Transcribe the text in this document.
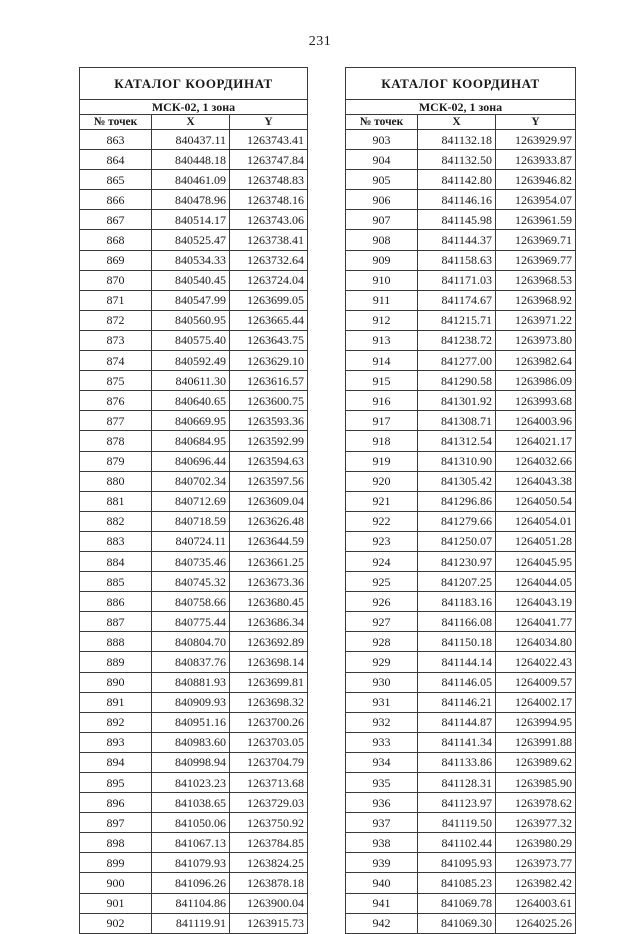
231
КАТАЛОГ КООРДИНАТ		
МСК-02, 1 зона		
№ точек	X	Y
863	840437.11	1263743.41
864	840448.18	1263747.84
865	840461.09	1263748.83
866	840478.96	1263748.16
867	840514.17	1263743.06
868	840525.47	1263738.41
869	840534.33	1263732.64
870	840540.45	1263724.04
871	840547.99	1263699.05
872	840560.95	1263665.44
873	840575.40	1263643.75
874	840592.49	1263629.10
875	840611.30	1263616.57
876	840640.65	1263600.75
877	840669.95	1263593.36
878	840684.95	1263592.99
879	840696.44	1263594.63
880	840702.34	1263597.56
881	840712.69	1263609.04
882	840718.59	1263626.48
883	840724.11	1263644.59
884	840735.46	1263661.25
885	840745.32	1263673.36
886	840758.66	1263680.45
887	840775.44	1263686.34
888	840804.70	1263692.89
889	840837.76	1263698.14
890	840881.93	1263699.81
891	840909.93	1263698.32
892	840951.16	1263700.26
893	840983.60	1263703.05
894	840998.94	1263704.79
895	841023.23	1263713.68
896	841038.65	1263729.03
897	841050.06	1263750.92
898	841067.13	1263784.85
899	841079.93	1263824.25
900	841096.26	1263878.18
901	841104.86	1263900.04
902	841119.91	1263915.73
КАТАЛОГ КООРДИНАТ		
МСК-02, 1 зона		
№ точек	X	Y
903	841132.18	1263929.97
904	841132.50	1263933.87
905	841142.80	1263946.82
906	841146.16	1263954.07
907	841145.98	1263961.59
908	841144.37	1263969.71
909	841158.63	1263969.77
910	841171.03	1263968.53
911	841174.67	1263968.92
912	841215.71	1263971.22
913	841238.72	1263973.80
914	841277.00	1263982.64
915	841290.58	1263986.09
916	841301.92	1263993.68
917	841308.71	1264003.96
918	841312.54	1264021.17
919	841310.90	1264032.66
920	841305.42	1264043.38
921	841296.86	1264050.54
922	841279.66	1264054.01
923	841250.07	1264051.28
924	841230.97	1264045.95
925	841207.25	1264044.05
926	841183.16	1264043.19
927	841166.08	1264041.77
928	841150.18	1264034.80
929	841144.14	1264022.43
930	841146.05	1264009.57
931	841146.21	1264002.17
932	841144.87	1263994.95
933	841141.34	1263991.88
934	841133.86	1263989.62
935	841128.31	1263985.90
936	841123.97	1263978.62
937	841119.50	1263977.32
938	841102.44	1263980.29
939	841095.93	1263973.77
940	841085.23	1263982.42
941	841069.78	1264003.61
942	841069.30	1264025.26
